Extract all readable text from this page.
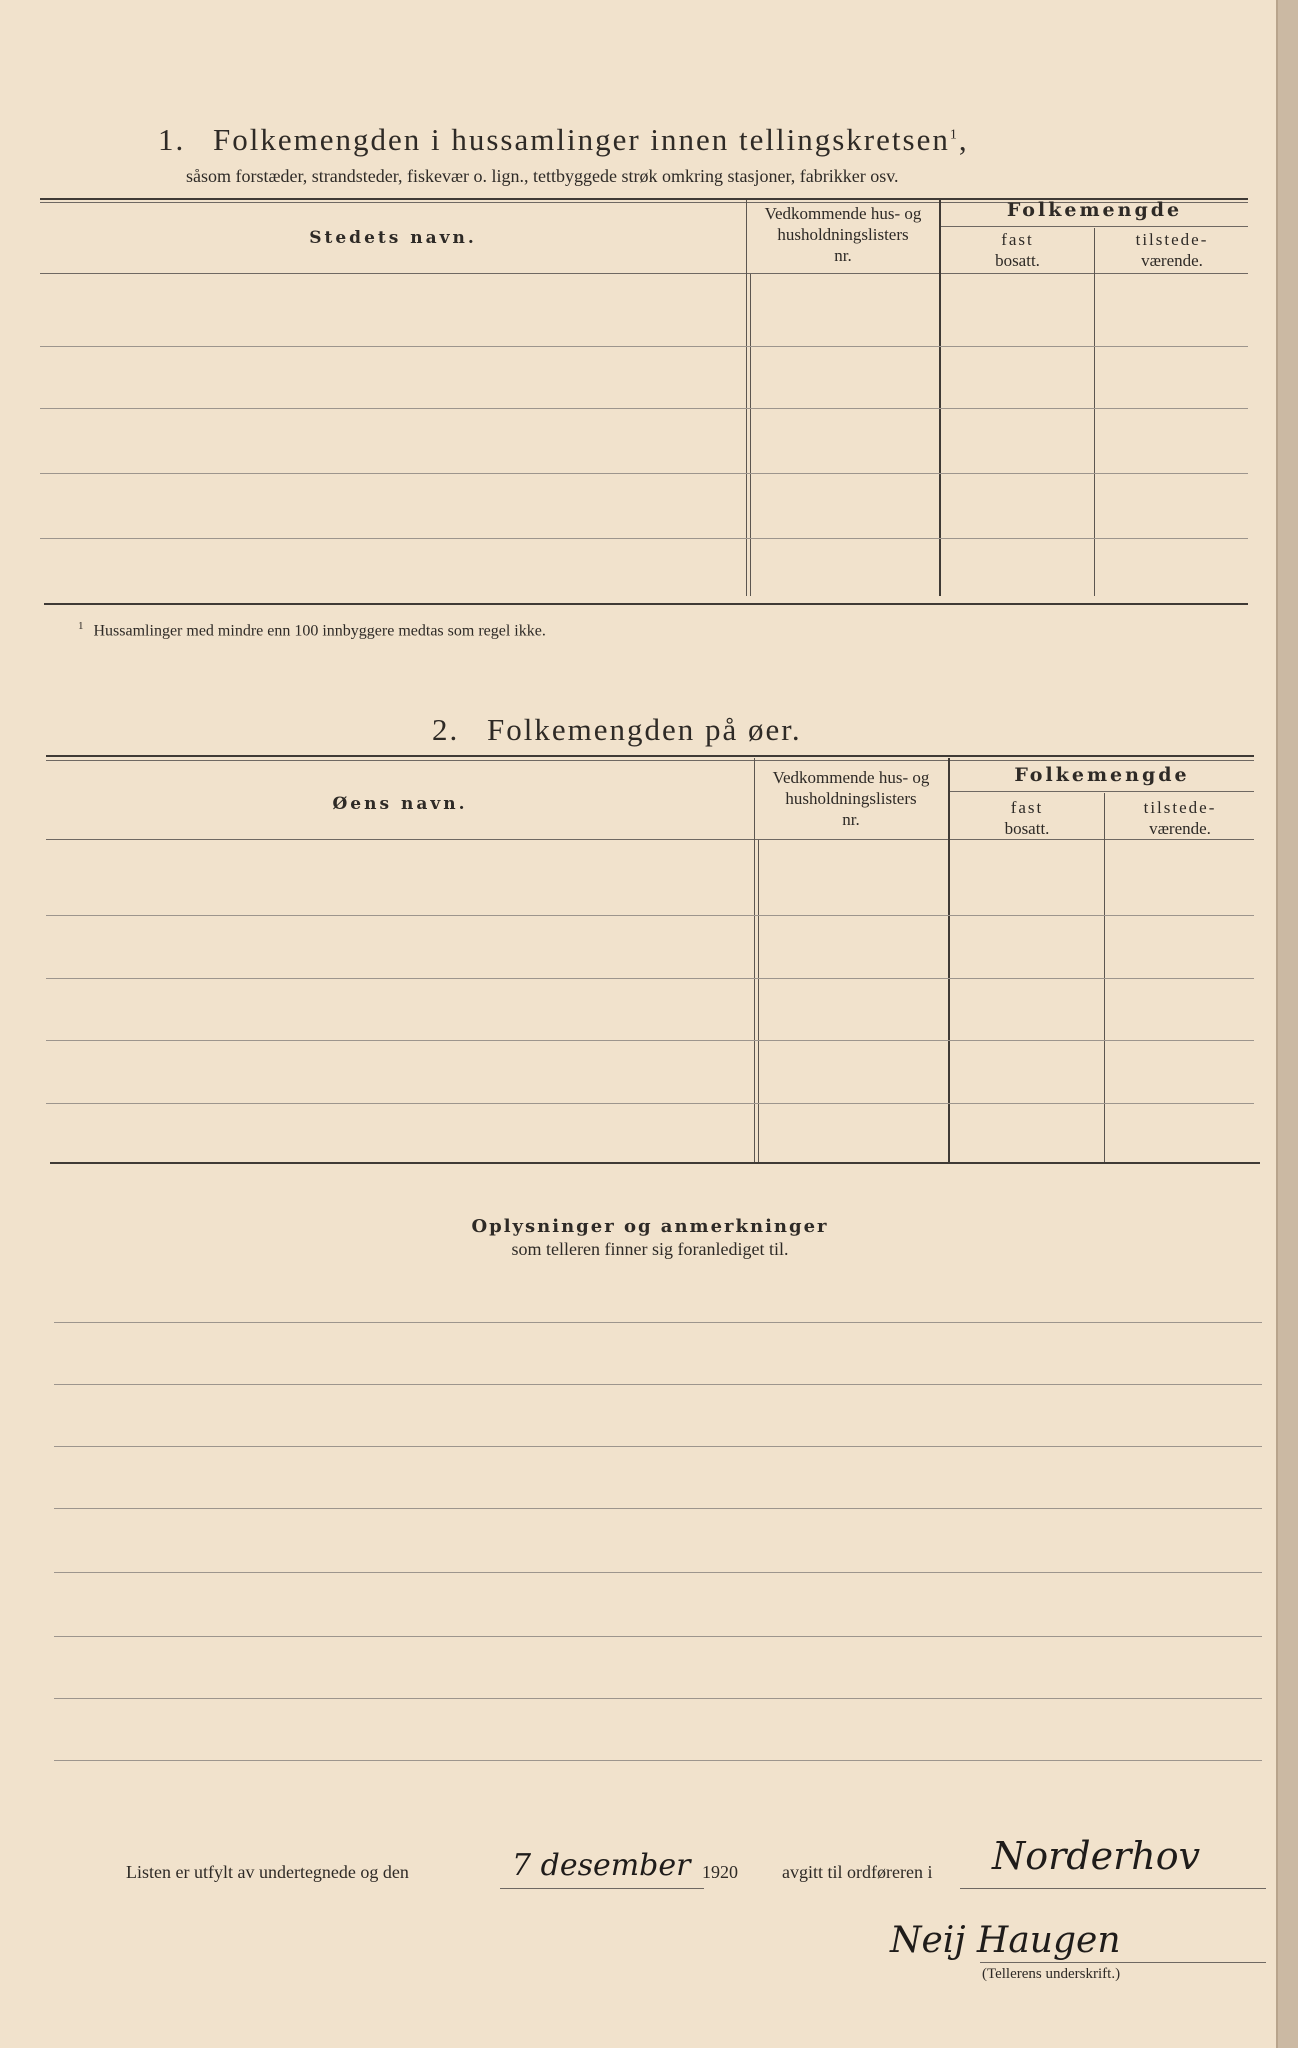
1. Folkemengden i hussamlinger innen tellingskretsen$^1$,
såsom forstæder, strandsteder, fiskevær o. lign., tettbyggede strøk omkring stasjoner, fabrikker osv.
Stedets navn.
Vedkommende hus- og
husholdningslisters
nr.
Folkemengde
fast
bosatt.
tilstede-
værende.
$^1$ Hussamlinger med mindre enn 100 innbyggere medtas som regel ikke.
2. Folkemengden på øer.
Øens navn.
Vedkommende hus- og
husholdningslisters
nr.
Folkemengde
fast
bosatt.
tilstede-
værende.
Oplysninger og anmerkninger
som telleren finner sig foranlediget til.
Listen er utfylt av undertegnede og den	7 desember 1920 avgitt til ordføreren i Norderhov
Neij Haugen
(Tellerens underskrift.)
